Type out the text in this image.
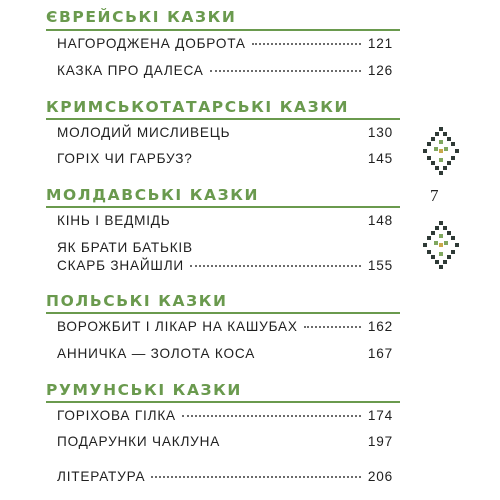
ЄВРЕЙСЬКІ КАЗКИ
НАГОРОДЖЕНА ДОБРОТА	121
КАЗКА ПРО ДАЛЕСА	126
КРИМСЬКОТАТАРСЬКІ КАЗКИ
МОЛОДИЙ МИСЛИВЕЦЬ	130
ГОРІХ ЧИ ГАРБУЗ?	145
МОЛДАВСЬКІ КАЗКИ
КІНЬ І ВЕДМІДЬ	148
ЯК БРАТИ БАТЬКІВ
СКАРБ ЗНАЙШЛИ	155
ПОЛЬСЬКІ КАЗКИ
ВОРОЖБИТ І ЛІКАР НА КАШУБАХ	162
АННИЧКА — ЗОЛОТА КОСА	167
РУМУНСЬКІ КАЗКИ
ГОРІХОВА ГІЛКА	174
ПОДАРУНКИ ЧАКЛУНА	197
ЛІТЕРАТУРА	206
7
